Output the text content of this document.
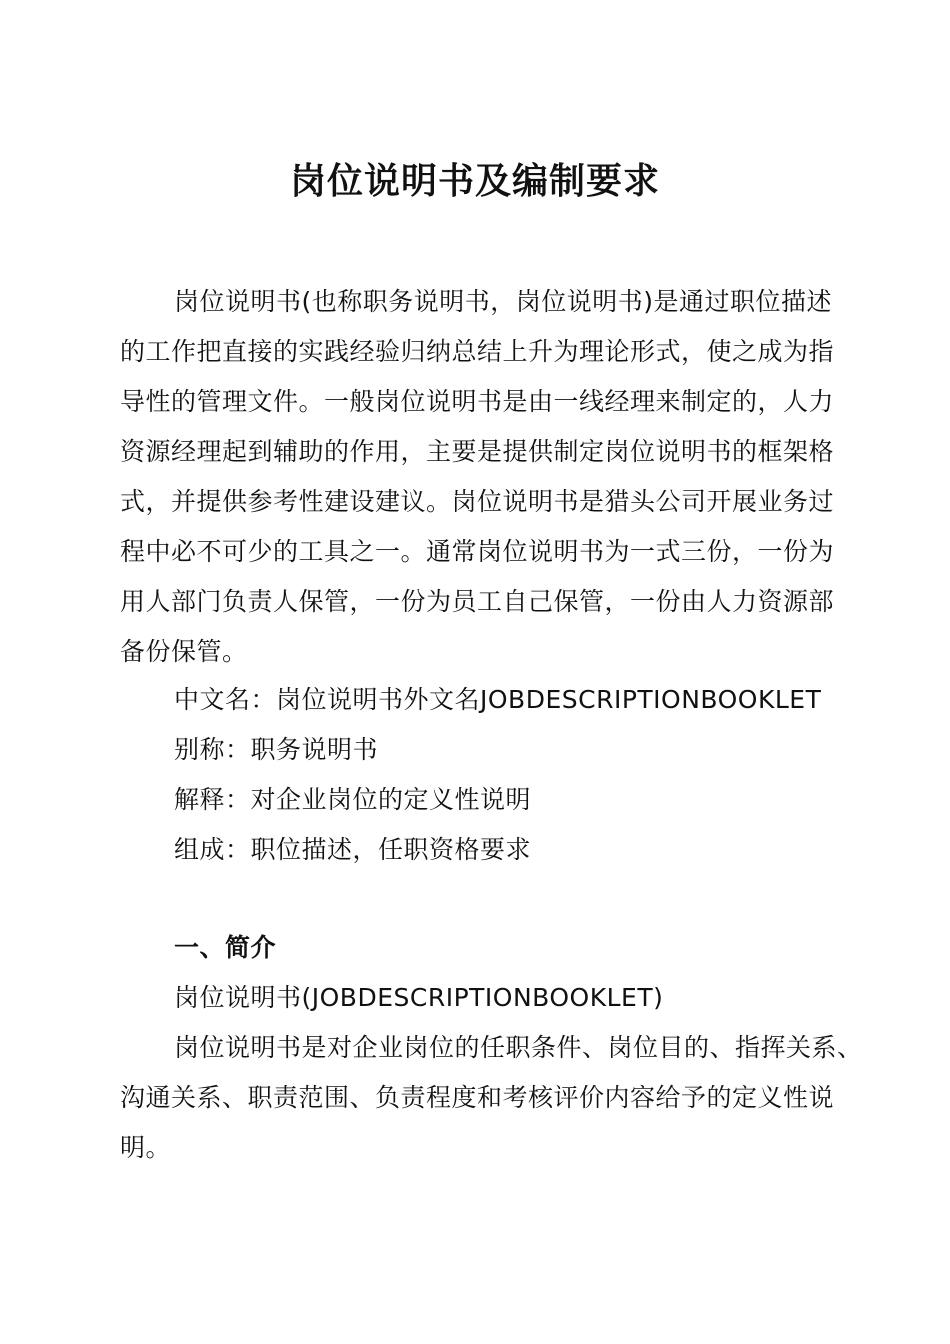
岗位说明书及编制要求
岗位说明书(也称职务说明书，岗位说明书)是通过职位描述
的工作把直接的实践经验归纳总结上升为理论形式，使之成为指
导性的管理文件。一般岗位说明书是由一线经理来制定的，人力
资源经理起到辅助的作用，主要是提供制定岗位说明书的框架格
式，并提供参考性建设建议。岗位说明书是猎头公司开展业务过
程中必不可少的工具之一。通常岗位说明书为一式三份，一份为
用人部门负责人保管，一份为员工自己保管，一份由人力资源部
备份保管。
中文名：岗位说明书外文名JOBDESCRIPTIONBOOKLET
别称：职务说明书
解释：对企业岗位的定义性说明
组成：职位描述，任职资格要求
一、简介
岗位说明书(JOBDESCRIPTIONBOOKLET)
岗位说明书是对企业岗位的任职条件、岗位目的、指挥关系、
沟通关系、职责范围、负责程度和考核评价内容给予的定义性说
明。
